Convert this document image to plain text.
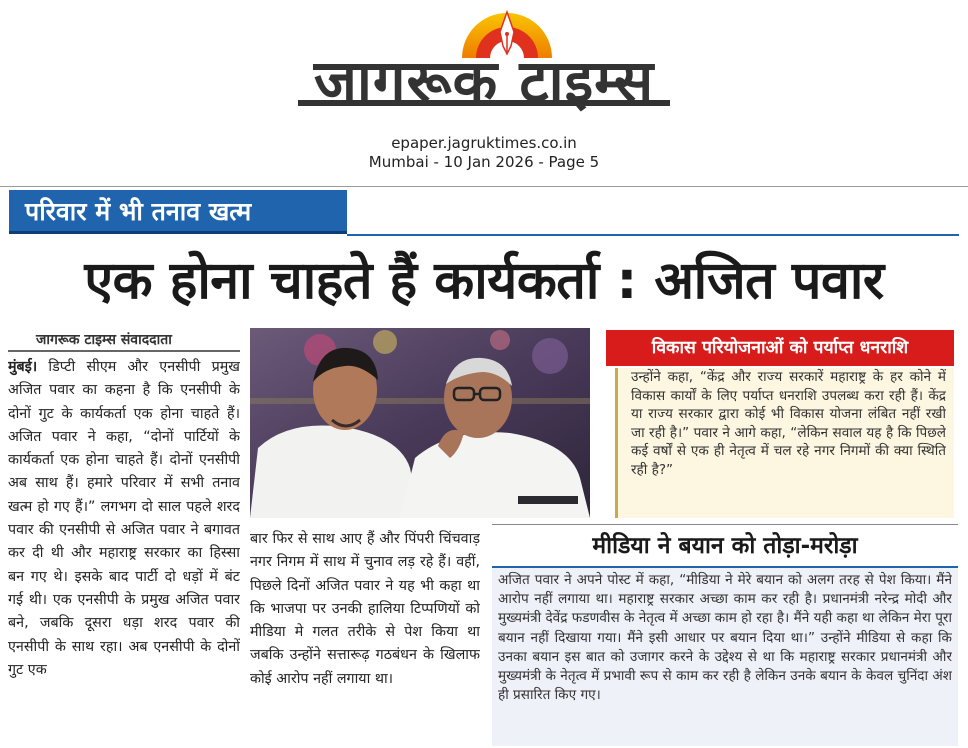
जागरूक टाइम्स
epaper.jagruktimes.co.in
Mumbai - 10 Jan 2026 - Page 5
परिवार में भी तनाव खत्म
एक होना चाहते हैं कार्यकर्ता : अजित पवार
जागरूक टाइम्स संवाददाता
मुंबई। डिप्टी सीएम और एनसीपी प्रमुख अजित पवार का कहना है कि एनसीपी के दोनों गुट के कार्यकर्ता एक होना चाहते हैं। अजित पवार ने कहा, “दोनों पार्टियों के कार्यकर्ता एक होना चाहते हैं। दोनों एनसीपी अब साथ हैं। हमारे परिवार में सभी तनाव खत्म हो गए हैं।” लगभग दो साल पहले शरद पवार की एनसीपी से अजित पवार ने बगावत कर दी थी और महाराष्ट्र सरकार का हिस्सा बन गए थे। इसके बाद पार्टी दो धड़ों में बंट गई थी। एक एनसीपी के प्रमुख अजित पवार बने, जबकि दूसरा धड़ा शरद पवार की एनसीपी के साथ रहा। अब एनसीपी के दोनों गुट एक
बार फिर से साथ आए हैं और पिंपरी चिंचवाड़ नगर निगम में साथ में चुनाव लड़ रहे हैं। वहीं, पिछले दिनों अजित पवार ने यह भी कहा था कि भाजपा पर उनकी हालिया टिप्पणियों को मीडिया मे गलत तरीके से पेश किया था जबकि उन्होंने सत्तारूढ़ गठबंधन के खिलाफ कोई आरोप नहीं लगाया था।
विकास परियोजनाओं को पर्याप्त धनराशि
उन्होंने कहा, “केंद्र और राज्य सरकारें महाराष्ट्र के हर कोने में विकास कार्यों के लिए पर्याप्त धनराशि उपलब्ध करा रही हैं। केंद्र या राज्य सरकार द्वारा कोई भी विकास योजना लंबित नहीं रखी जा रही है।” पवार ने आगे कहा, “लेकिन सवाल यह है कि पिछले कई वर्षों से एक ही नेतृत्व में चल रहे नगर निगमों की क्या स्थिति रही है?”
मीडिया ने बयान को तोड़ा-मरोड़ा
अजित पवार ने अपने पोस्ट में कहा, “मीडिया ने मेरे बयान को अलग तरह से पेश किया। मैंने आरोप नहीं लगाया था। महाराष्ट्र सरकार अच्छा काम कर रही है। प्रधानमंत्री नरेन्द्र मोदी और मुख्यमंत्री देवेंद्र फडणवीस के नेतृत्व में अच्छा काम हो रहा है। मैंने यही कहा था लेकिन मेरा पूरा बयान नहीं दिखाया गया। मैंने इसी आधार पर बयान दिया था।” उन्होंने मीडिया से कहा कि उनका बयान इस बात को उजागर करने के उद्देश्य से था कि महाराष्ट्र सरकार प्रधानमंत्री और मुख्यमंत्री के नेतृत्व में प्रभावी रूप से काम कर रही है लेकिन उनके बयान के केवल चुनिंदा अंश ही प्रसारित किए गए।
